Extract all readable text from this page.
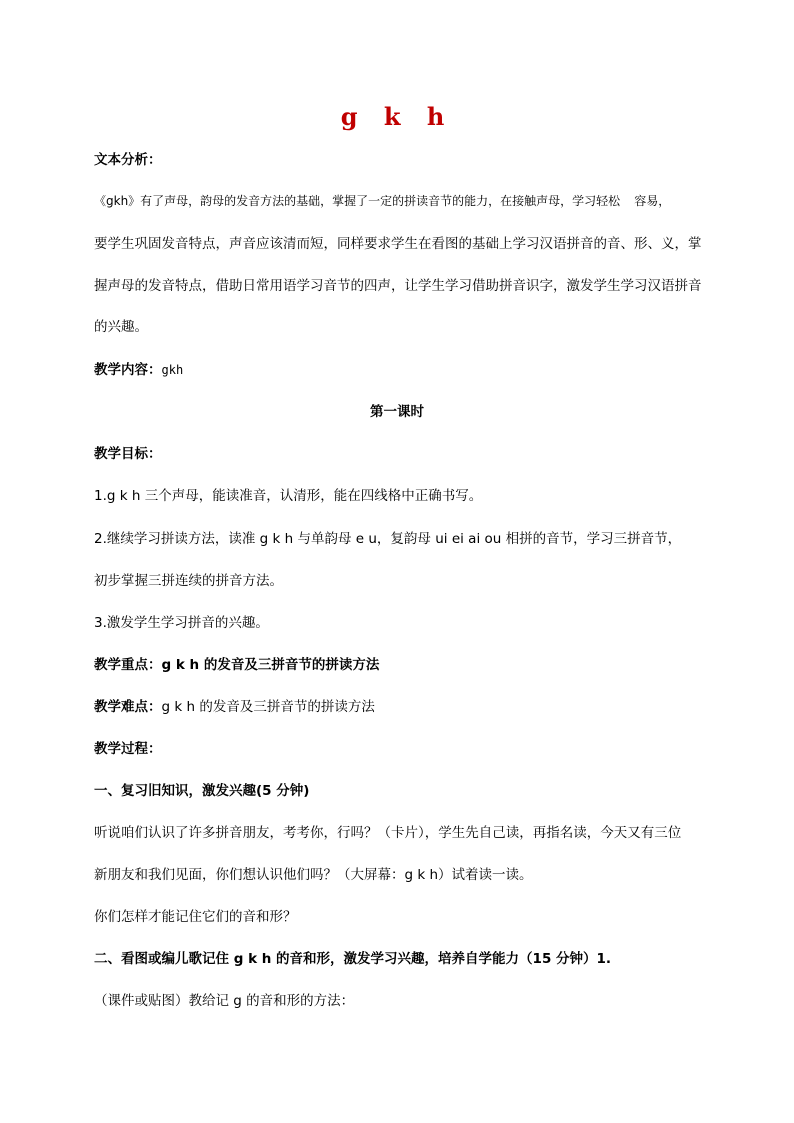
g k h
文本分析：
《gkh》有了声母，韵母的发音方法的基础，掌握了一定的拼读音节的能力，在接触声母，学习轻松 容易，
要学生巩固发音特点，声音应该清而短，同样要求学生在看图的基础上学习汉语拼音的音、形、义，掌
握声母的发音特点，借助日常用语学习音节的四声，让学生学习借助拼音识字，激发学生学习汉语拼音
的兴趣。
教学内容：gkh
第一课时
教学目标：
1.g k h 三个声母，能读准音，认清形，能在四线格中正确书写。
2.继续学习拼读方法，读准 g k h 与单韵母 e u，复韵母 ui ei ai ou 相拼的音节，学习三拼音节，
初步掌握三拼连续的拼音方法。
3.激发学生学习拼音的兴趣。
教学重点：g k h 的发音及三拼音节的拼读方法
教学难点：g k h 的发音及三拼音节的拼读方法
教学过程：
一、复习旧知识，激发兴趣(5 分钟)
听说咱们认识了许多拼音朋友，考考你，行吗？（卡片），学生先自己读，再指名读，今天又有三位
新朋友和我们见面，你们想认识他们吗？（大屏幕：g k h）试着读一读。
你们怎样才能记住它们的音和形？
二、看图或编儿歌记住 g k h 的音和形，激发学习兴趣，培养自学能力（15 分钟）1.
（课件或贴图）教给记 g 的音和形的方法：
